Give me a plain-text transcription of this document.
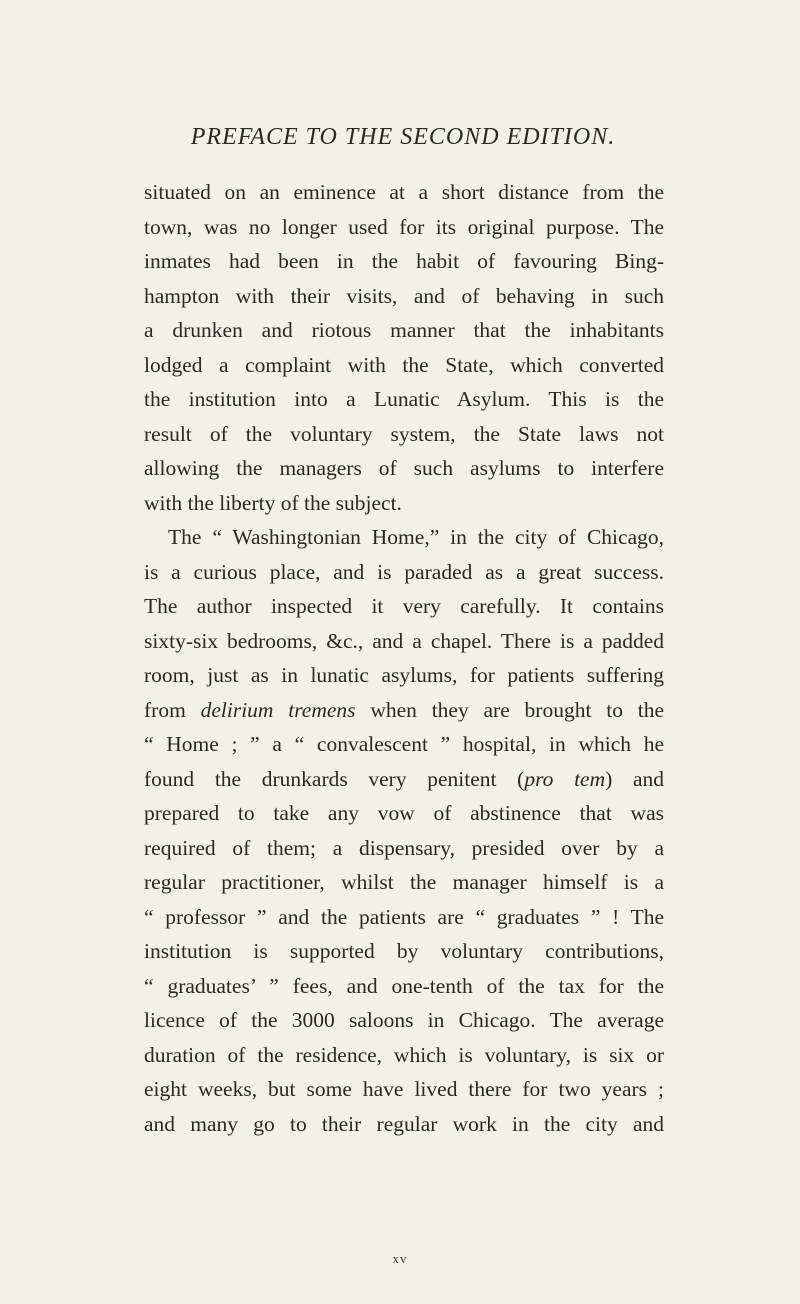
PREFACE TO THE SECOND EDITION.
situated on an eminence at a short distance from the
town, was no longer used for its original purpose. The
inmates had been in the habit of favouring Bing-
hampton with their visits, and of behaving in such
a drunken and riotous manner that the inhabitants
lodged a complaint with the State, which converted
the institution into a Lunatic Asylum. This is the
result of the voluntary system, the State laws not
allowing the managers of such asylums to interfere
with the liberty of the subject.
The “ Washingtonian Home,” in the city of Chicago,
is a curious place, and is paraded as a great success.
The author inspected it very carefully. It contains
sixty-six bedrooms, &c., and a chapel. There is a padded
room, just as in lunatic asylums, for patients suffering
from delirium tremens when they are brought to the
“ Home ; ” a “ convalescent ” hospital, in which he
found the drunkards very penitent (pro tem) and
prepared to take any vow of abstinence that was
required of them; a dispensary, presided over by a
regular practitioner, whilst the manager himself is a
“ professor ” and the patients are “ graduates ” ! The
institution is supported by voluntary contributions,
“ graduates’ ” fees, and one-tenth of the tax for the
licence of the 3000 saloons in Chicago. The average
duration of the residence, which is voluntary, is six or
eight weeks, but some have lived there for two years ;
and many go to their regular work in the city and
xv
